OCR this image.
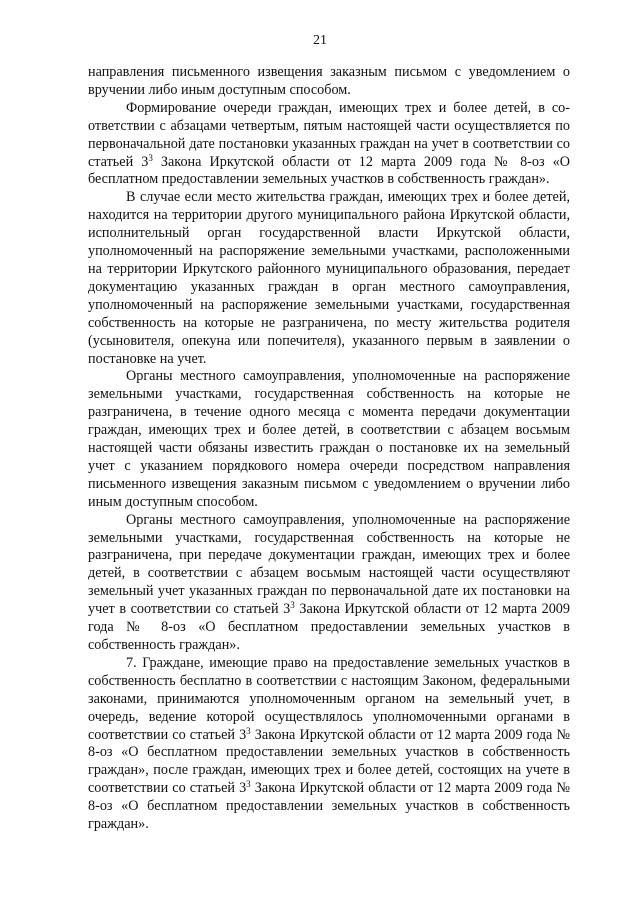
21

направления письменного извещения заказным письмом с уведомлением о вручении либо иным доступным способом.

Формирование очереди граждан, имеющих трех и более детей, в соответствии с абзацами четвертым, пятым настоящей части осуществляется по первоначальной дате постановки указанных граждан на учет в соответствии со статьей $3^3$ Закона Иркутской области от 12 марта 2009 года № 8-оз «О бесплатном предоставлении земельных участков в собственность граждан».

В случае если место жительства граждан, имеющих трех и более детей, находится на территории другого муниципального района Иркутской области, исполнительный орган государственной власти Иркутской области, уполномоченный на распоряжение земельными участками, расположенными на территории Иркутского районного муниципального образования, передает документацию указанных граждан в орган местного самоуправления, уполномоченный на распоряжение земельными участками, государственная собственность на которые не разграничена, по месту жительства родителя (усыновителя, опекуна или попечителя), указанного первым в заявлении о постановке на учет.

Органы местного самоуправления, уполномоченные на распоряжение земельными участками, государственная собственность на которые не разграничена, в течение одного месяца с момента передачи документации граждан, имеющих трех и более детей, в соответствии с абзацем восьмым настоящей части обязаны известить граждан о постановке их на земельный учет с указанием порядкового номера очереди посредством направления письменного извещения заказным письмом с уведомлением о вручении либо иным доступным способом.

Органы местного самоуправления, уполномоченные на распоряжение земельными участками, государственная собственность на которые не разграничена, при передаче документации граждан, имеющих трех и более детей, в соответствии с абзацем восьмым настоящей части осуществляют земельный учет указанных граждан по первоначальной дате их постановки на учет в соответствии со статьей $3^3$ Закона Иркутской области от 12 марта 2009 года № 8-оз «О бесплатном предоставлении земельных участков в собственность граждан».

7. Граждане, имеющие право на предоставление земельных участков в собственность бесплатно в соответствии с настоящим Законом, федеральными законами, принимаются уполномоченным органом на земельный учет, в очередь, ведение которой осуществлялось уполномоченными органами в соответствии со статьей $3^3$ Закона Иркутской области от 12 марта 2009 года № 8-оз «О бесплатном предоставлении земельных участков в собственность граждан», после граждан, имеющих трех и более детей, состоящих на учете в соответствии со статьей $3^3$ Закона Иркутской области от 12 марта 2009 года № 8-оз «О бесплатном предоставлении земельных участков в собственность граждан».
